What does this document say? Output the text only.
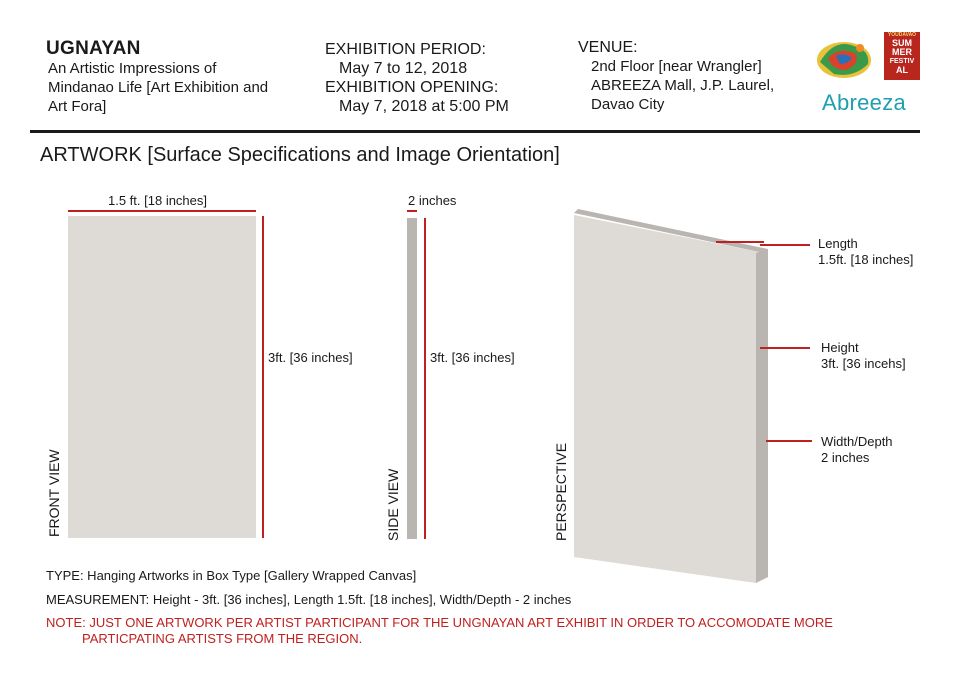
UGNAYAN
An Artistic Impressions of
Mindanao Life [Art Exhibition and
Art Fora]
EXHIBITION PERIOD:
May 7 to 12, 2018
EXHIBITION OPENING:
May 7, 2018 at 5:00 PM
VENUE:
2nd Floor [near Wrangler]
ABREEZA Mall, J.P. Laurel,
Davao City
YOUDAVAO
SUM
MER
FESTIV
AL
Abreeza
ARTWORK [Surface Specifications and Image Orientation]
1.5 ft. [18 inches]
3ft. [36 inches]
FRONT VIEW
2 inches
3ft. [36 inches]
SIDE VIEW	PERSPECTIVE
Length
1.5ft. [18 inches]
Height
3ft. [36 incehs]
Width/Depth
2 inches
TYPE: Hanging Artworks in Box Type [Gallery Wrapped Canvas]
MEASUREMENT: Height - 3ft. [36 inches], Length 1.5ft. [18 inches], Width/Depth - 2 inches
NOTE: JUST ONE ARTWORK PER ARTIST PARTICIPANT FOR THE UNGNAYAN ART EXHIBIT IN ORDER TO ACCOMODATE MORE
PARTICPATING ARTISTS FROM THE REGION.
